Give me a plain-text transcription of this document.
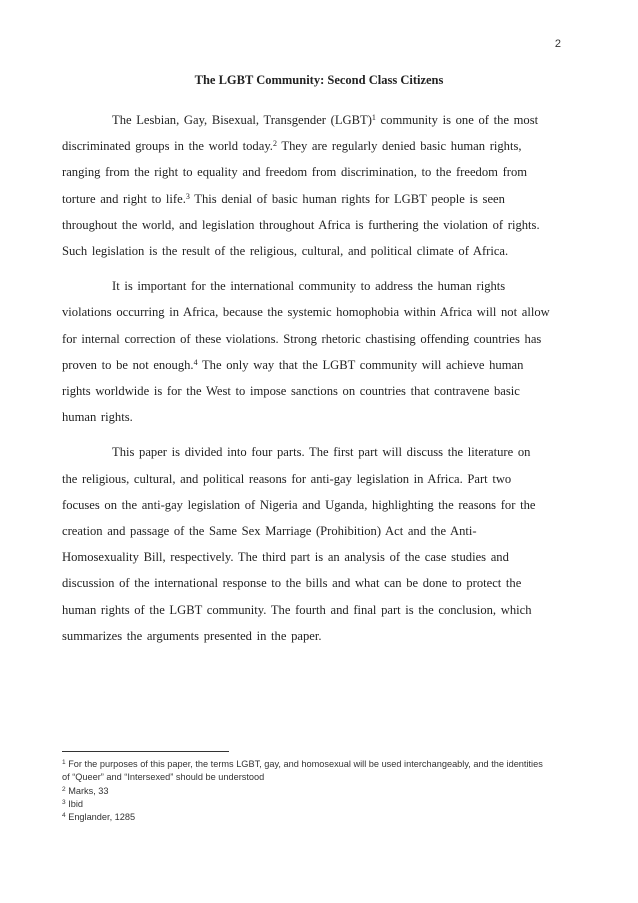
2
The LGBT Community: Second Class Citizens

The Lesbian, Gay, Bisexual, Transgender (LGBT)$^1$ community is one of the most discriminated groups in the world today.$^2$ They are regularly denied basic human rights, ranging from the right to equality and freedom from discrimination, to the freedom from torture and right to life.$^3$ This denial of basic human rights for LGBT people is seen throughout the world, and legislation throughout Africa is furthering the violation of rights. Such legislation is the result of the religious, cultural, and political climate of Africa.

It is important for the international community to address the human rights violations occurring in Africa, because the systemic homophobia within Africa will not allow for internal correction of these violations. Strong rhetoric chastising offending countries has proven to be not enough.$^4$ The only way that the LGBT community will achieve human rights worldwide is for the West to impose sanctions on countries that contravene basic human rights.

This paper is divided into four parts. The first part will discuss the literature on the religious, cultural, and political reasons for anti-gay legislation in Africa. Part two focuses on the anti-gay legislation of Nigeria and Uganda, highlighting the reasons for the creation and passage of the Same Sex Marriage (Prohibition) Act and the Anti-Homosexuality Bill, respectively. The third part is an analysis of the case studies and discussion of the international response to the bills and what can be done to protect the human rights of the LGBT community. The fourth and final part is the conclusion, which summarizes the arguments presented in the paper.

$^1$ For the purposes of this paper, the terms LGBT, gay, and homosexual will be used interchangeably, and the identities of “Queer” and “Intersexed” should be understood

$^2$ Marks, 33

$^3$ Ibid

$^4$ Englander, 1285
